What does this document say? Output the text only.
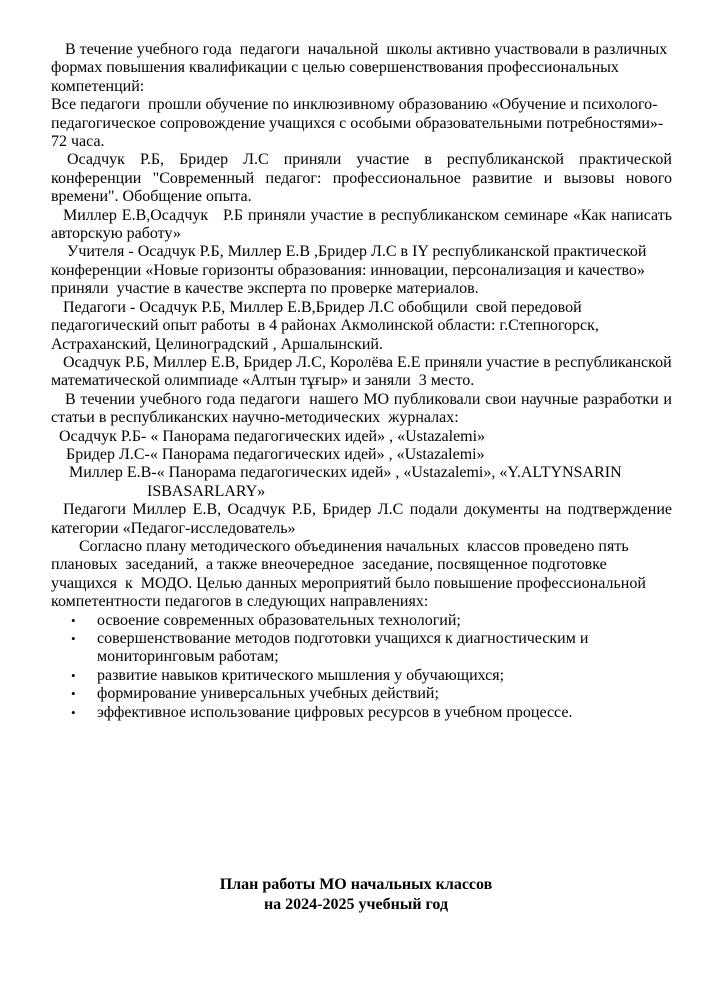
В течение учебного года  педагоги  начальной  школы активно участвовали в различных формах повышения квалификации с целью совершенствования профессиональных  компетенций:

Все педагоги  прошли обучение по инклюзивному образованию «Обучение и психолого- педагогическое сопровождение учащихся с особыми образовательными потребностями»- 72 часа.

Осадчук Р.Б, Бридер Л.С приняли участие в республиканской практической конференции "Современный педагог: профессиональное развитие и вызовы нового времени". Обобщение опыта.

Миллер Е.В,Осадчук   Р.Б приняли участие в республиканском семинаре «Как написать авторскую работу»

Учителя - Осадчук Р.Б, Миллер Е.В ,Бридер Л.С в IY республиканской практической конференции «Новые горизонты образования: инновации, персонализация и качество» приняли  участие в качестве эксперта по проверке материалов.

Педагоги - Осадчук Р.Б, Миллер Е.В,Бридер Л.С обобщили  свой передовой педагогический опыт работы  в 4 районах Акмолинской области: г.Степногорск, Астраханский, Целиноградский , Аршалынский.

Осадчук Р.Б, Миллер Е.В, Бридер Л.С, Королёва Е.Е приняли участие в республиканской математической олимпиаде «Алтын тұғыр» и заняли  3 место.

В течении учебного года педагоги  нашего МО публиковали свои научные разработки и статьи в республиканских научно-методических  журналах:

Осадчук Р.Б- « Панорама педагогических идей» , «Ustazalemi»

Бридер Л.С-« Панорама педагогических идей» , «Ustazalemi»

Миллер Е.В-« Панорама педагогических идей» , «Ustazalemi», «Y.ALTYNSARIN
ISBASARLARY»

Педагоги Миллер Е.В, Осадчук Р.Б, Бридер Л.С подали документы на подтверждение категории «Педагог-исследователь»

Согласно плану методического объединения начальных  классов проведено пять плановых  заседаний,  а также внеочередное  заседание, посвященное подготовке учащихся  к  МОДО. Целью данных мероприятий было повышение профессиональной компетентности педагогов в следующих направлениях:

• освоение современных образовательных технологий;
• совершенствование методов подготовки учащихся к диагностическим и мониторинговым работам;
• развитие навыков критического мышления у обучающихся;
• формирование универсальных учебных действий;
• эффективное использование цифровых ресурсов в учебном процессе.

План работы МО начальных классов

на 2024-2025 учебный год
